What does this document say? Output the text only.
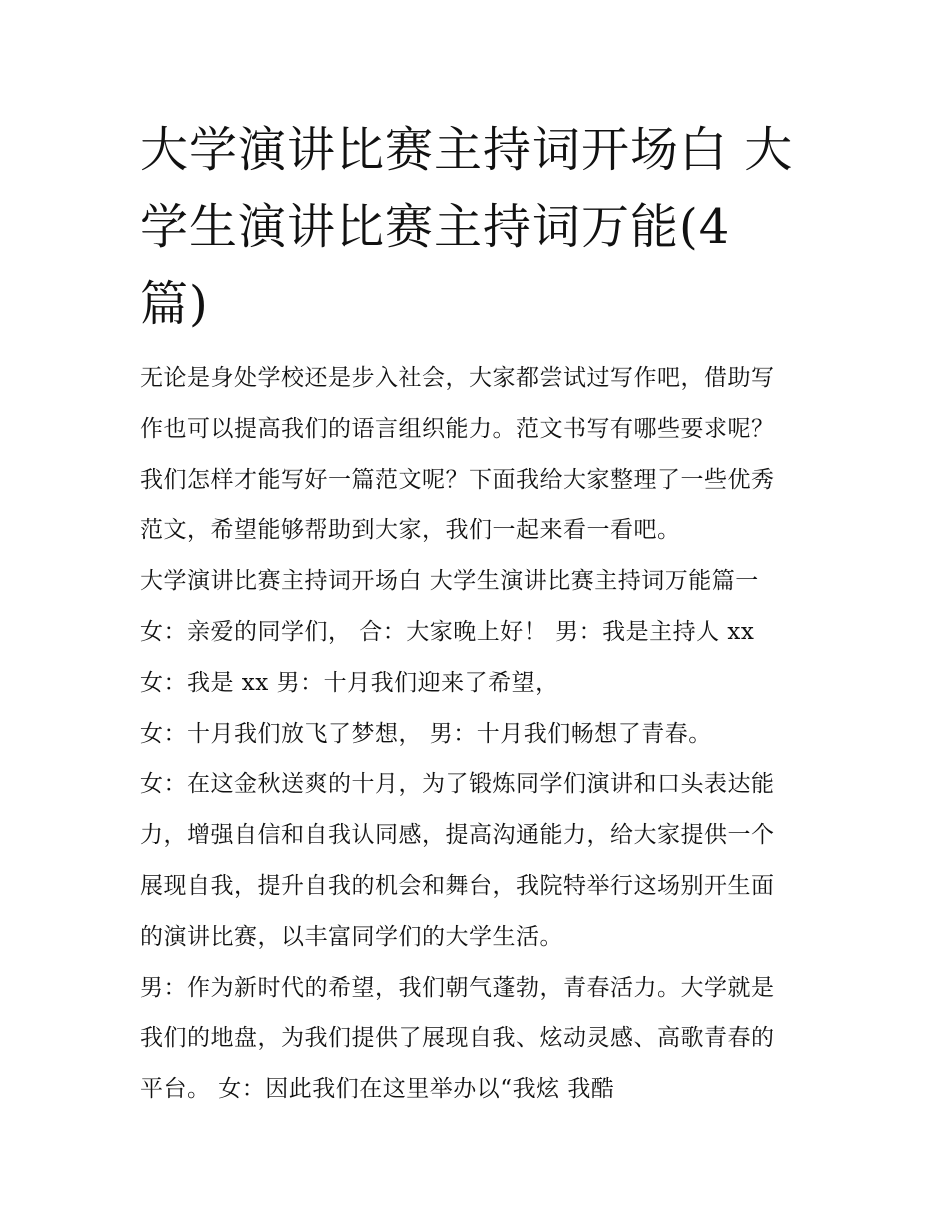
大学演讲比赛主持词开场白 大
学生演讲比赛主持词万能(4
篇)

无论是身处学校还是步入社会，大家都尝试过写作吧，借助写
作也可以提高我们的语言组织能力。范文书写有哪些要求呢？
我们怎样才能写好一篇范文呢？下面我给大家整理了一些优秀
范文，希望能够帮助到大家，我们一起来看一看吧。

大学演讲比赛主持词开场白 大学生演讲比赛主持词万能篇一

女：亲爱的同学们， 合：大家晚上好！ 男：我是主持人 xx

女：我是 xx 男：十月我们迎来了希望，

女：十月我们放飞了梦想， 男：十月我们畅想了青春。

女：在这金秋送爽的十月，为了锻炼同学们演讲和口头表达能
力，增强自信和自我认同感，提高沟通能力，给大家提供一个
展现自我，提升自我的机会和舞台，我院特举行这场别开生面
的演讲比赛，以丰富同学们的大学生活。

男：作为新时代的希望，我们朝气蓬勃，青春活力。大学就是
我们的地盘，为我们提供了展现自我、炫动灵感、高歌青春的
平台。 女：因此我们在这里举办以“我炫 我酷
